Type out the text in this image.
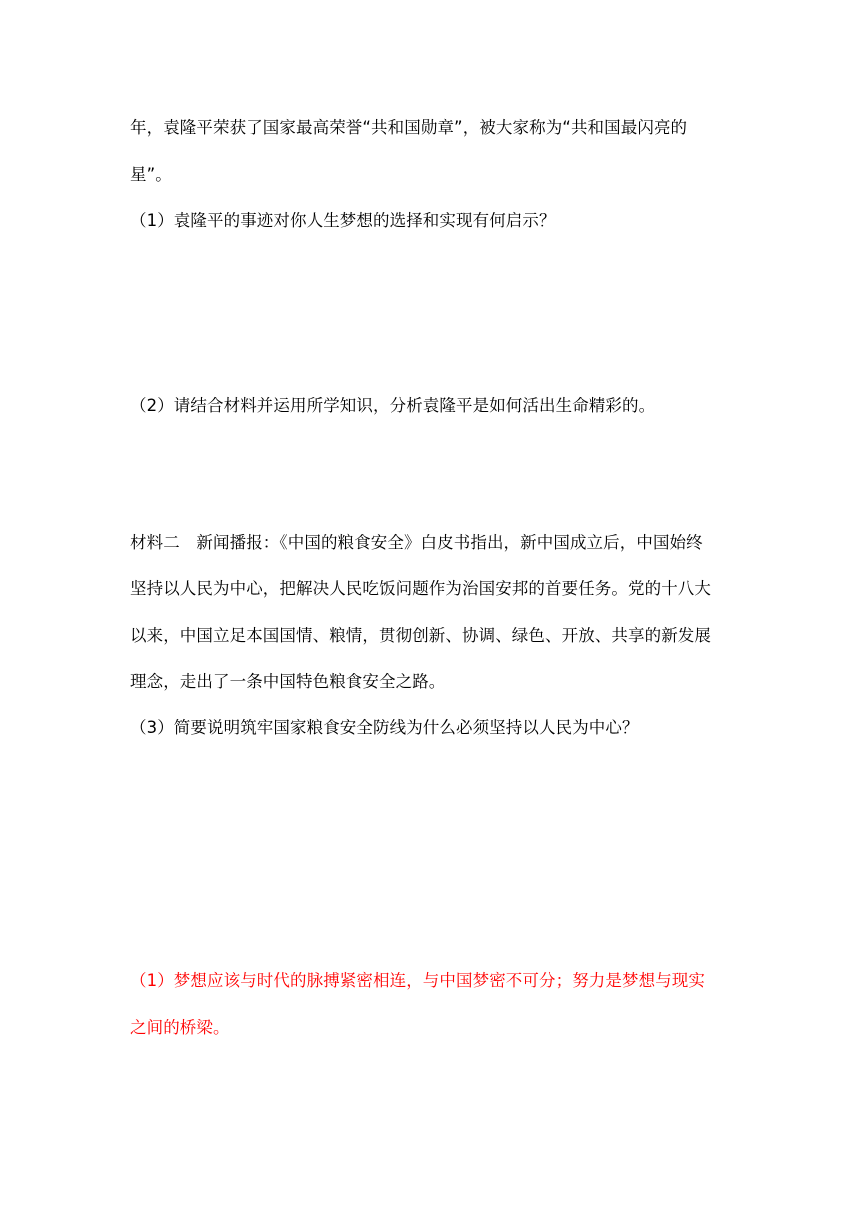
年，袁隆平荣获了国家最高荣誉“共和国勋章”，被大家称为“共和国最闪亮的
星”。
（1）袁隆平的事迹对你人生梦想的选择和实现有何启示？
（2）请结合材料并运用所学知识，分析袁隆平是如何活出生命精彩的。
材料二　新闻播报：《中国的粮食安全》白皮书指出，新中国成立后，中国始终
坚持以人民为中心，把解决人民吃饭问题作为治国安邦的首要任务。党的十八大
以来，中国立足本国国情、粮情，贯彻创新、协调、绿色、开放、共享的新发展
理念，走出了一条中国特色粮食安全之路。
（3）简要说明筑牢国家粮食安全防线为什么必须坚持以人民为中心？
（1）梦想应该与时代的脉搏紧密相连，与中国梦密不可分；努力是梦想与现实
之间的桥梁。
